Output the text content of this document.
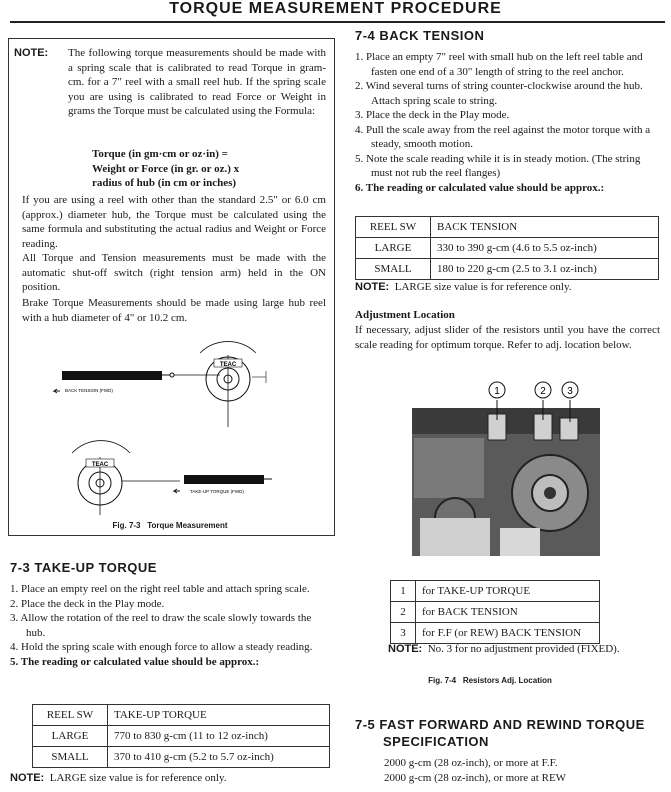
TORQUE MEASUREMENT PROCEDURE
NOTE:	The following torque measurements should be made with a spring scale that is calibrated to read Torque in gram-cm. for a 7" reel with a small reel hub. If the spring scale you are using is calibrated to read Force or Weight in grams the Torque must be calculated using the Formula:
Torque (in gm·cm or oz·in) =
Weight or Force (in gr. or oz.) x
radius of hub (in cm or inches)
If you are using a reel with other than the standard 2.5" or 6.0 cm (approx.) diameter hub, the Torque must be calculated using the same formula and substituting the actual radius and Weight or Force reading.
All Torque and Tension measurements must be made with the automatic shut-off switch (right tension arm) held in the ON position.
Brake Torque Measurements should be made using large hub reel with a hub diameter of 4" or 10.2 cm.
TEAC
BACK TENSION (FWD)
TEAC
TAKE-UP TORQUE (FWD)
Fig. 7-3 Torque Measurement
7-3 TAKE-UP TORQUE
1. Place an empty reel on the right reel table and attach spring scale.
2. Place the deck in the Play mode.
3. Allow the rotation of the reel to draw the scale slowly towards the hub.
4. Hold the spring scale with enough force to allow a steady reading.
5. The reading or calculated value should be approx.:
REEL SW	TAKE-UP TORQUE
LARGE	770 to 830 g-cm (11 to 12 oz-inch)
SMALL	370 to 410 g-cm (5.2 to 5.7 oz-inch)
NOTE: LARGE size value is for reference only.
7-4 BACK TENSION
1. Place an empty 7" reel with small hub on the left reel table and fasten one end of a 30" length of string to the reel anchor.
2. Wind several turns of string counter-clockwise around the hub. Attach spring scale to string.
3. Place the deck in the Play mode.
4. Pull the scale away from the reel against the motor torque with a steady, smooth motion.
5. Note the scale reading while it is in steady motion. (The string must not rub the reel flanges)
6. The reading or calculated value should be approx.:
REEL SW	BACK TENSION
LARGE	330 to 390 g-cm (4.6 to 5.5 oz-inch)
SMALL	180 to 220 g-cm (2.5 to 3.1 oz-inch)
NOTE: LARGE size value is for reference only.
Adjustment Location
If necessary, adjust slider of the resistors until you have the correct scale reading for optimum torque. Refer to adj. location below.
1	2 3
1	for TAKE-UP TORQUE
2	for BACK TENSION
3	for F.F (or REW) BACK TENSION
NOTE: No. 3 for no adjustment provided (FIXED).
Fig. 7-4 Resistors Adj. Location
7-5 FAST FORWARD AND REWIND TORQUE
SPECIFICATION
2000 g-cm (28 oz-inch), or more at F.F.
2000 g-cm (28 oz-inch), or more at REW
